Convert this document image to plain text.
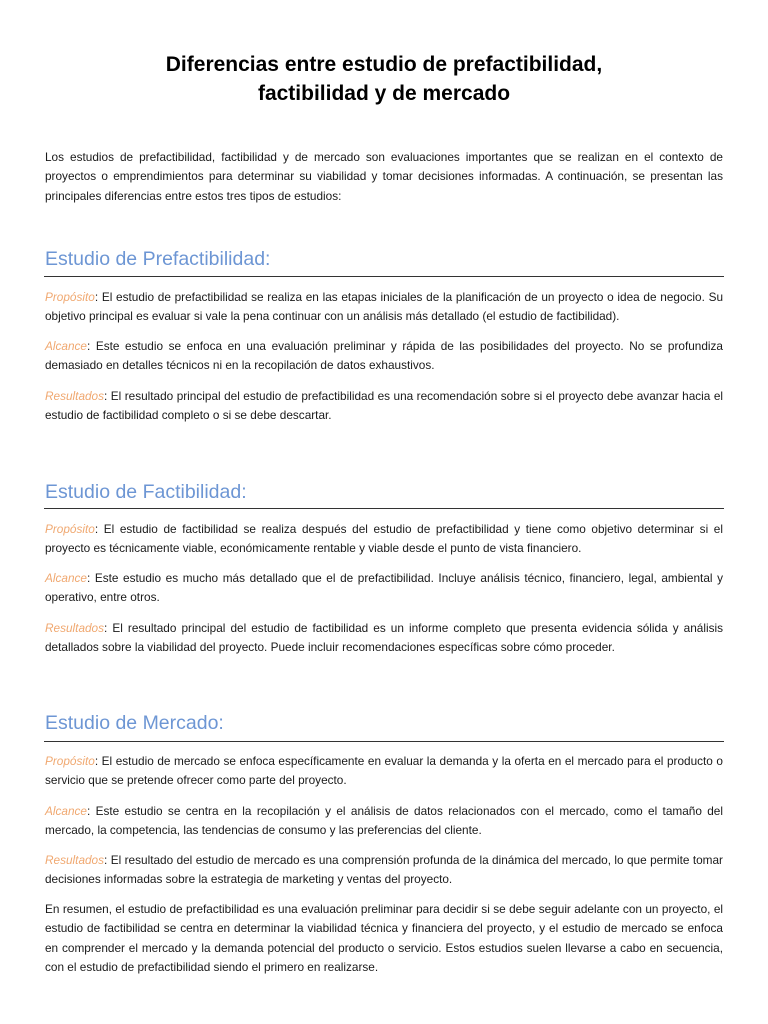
Diferencias entre estudio de prefactibilidad,
factibilidad y de mercado

Los estudios de prefactibilidad, factibilidad y de mercado son evaluaciones importantes que se realizan en el contexto de proyectos o emprendimientos para determinar su viabilidad y tomar decisiones informadas. A continuación, se presentan las principales diferencias entre estos tres tipos de estudios:

Estudio de Prefactibilidad:

Propósito: El estudio de prefactibilidad se realiza en las etapas iniciales de la planificación de un proyecto o idea de negocio. Su objetivo principal es evaluar si vale la pena continuar con un análisis más detallado (el estudio de factibilidad).

Alcance: Este estudio se enfoca en una evaluación preliminar y rápida de las posibilidades del proyecto. No se profundiza demasiado en detalles técnicos ni en la recopilación de datos exhaustivos.

Resultados: El resultado principal del estudio de prefactibilidad es una recomendación sobre si el proyecto debe avanzar hacia el estudio de factibilidad completo o si se debe descartar.

Estudio de Factibilidad:

Propósito: El estudio de factibilidad se realiza después del estudio de prefactibilidad y tiene como objetivo determinar si el proyecto es técnicamente viable, económicamente rentable y viable desde el punto de vista financiero.

Alcance: Este estudio es mucho más detallado que el de prefactibilidad. Incluye análisis técnico, financiero, legal, ambiental y operativo, entre otros.

Resultados: El resultado principal del estudio de factibilidad es un informe completo que presenta evidencia sólida y análisis detallados sobre la viabilidad del proyecto. Puede incluir recomendaciones específicas sobre cómo proceder.

Estudio de Mercado:

Propósito: El estudio de mercado se enfoca específicamente en evaluar la demanda y la oferta en el mercado para el producto o servicio que se pretende ofrecer como parte del proyecto.

Alcance: Este estudio se centra en la recopilación y el análisis de datos relacionados con el mercado, como el tamaño del mercado, la competencia, las tendencias de consumo y las preferencias del cliente.

Resultados: El resultado del estudio de mercado es una comprensión profunda de la dinámica del mercado, lo que permite tomar decisiones informadas sobre la estrategia de marketing y ventas del proyecto.

En resumen, el estudio de prefactibilidad es una evaluación preliminar para decidir si se debe seguir adelante con un proyecto, el estudio de factibilidad se centra en determinar la viabilidad técnica y financiera del proyecto, y el estudio de mercado se enfoca en comprender el mercado y la demanda potencial del producto o servicio. Estos estudios suelen llevarse a cabo en secuencia, con el estudio de prefactibilidad siendo el primero en realizarse.
